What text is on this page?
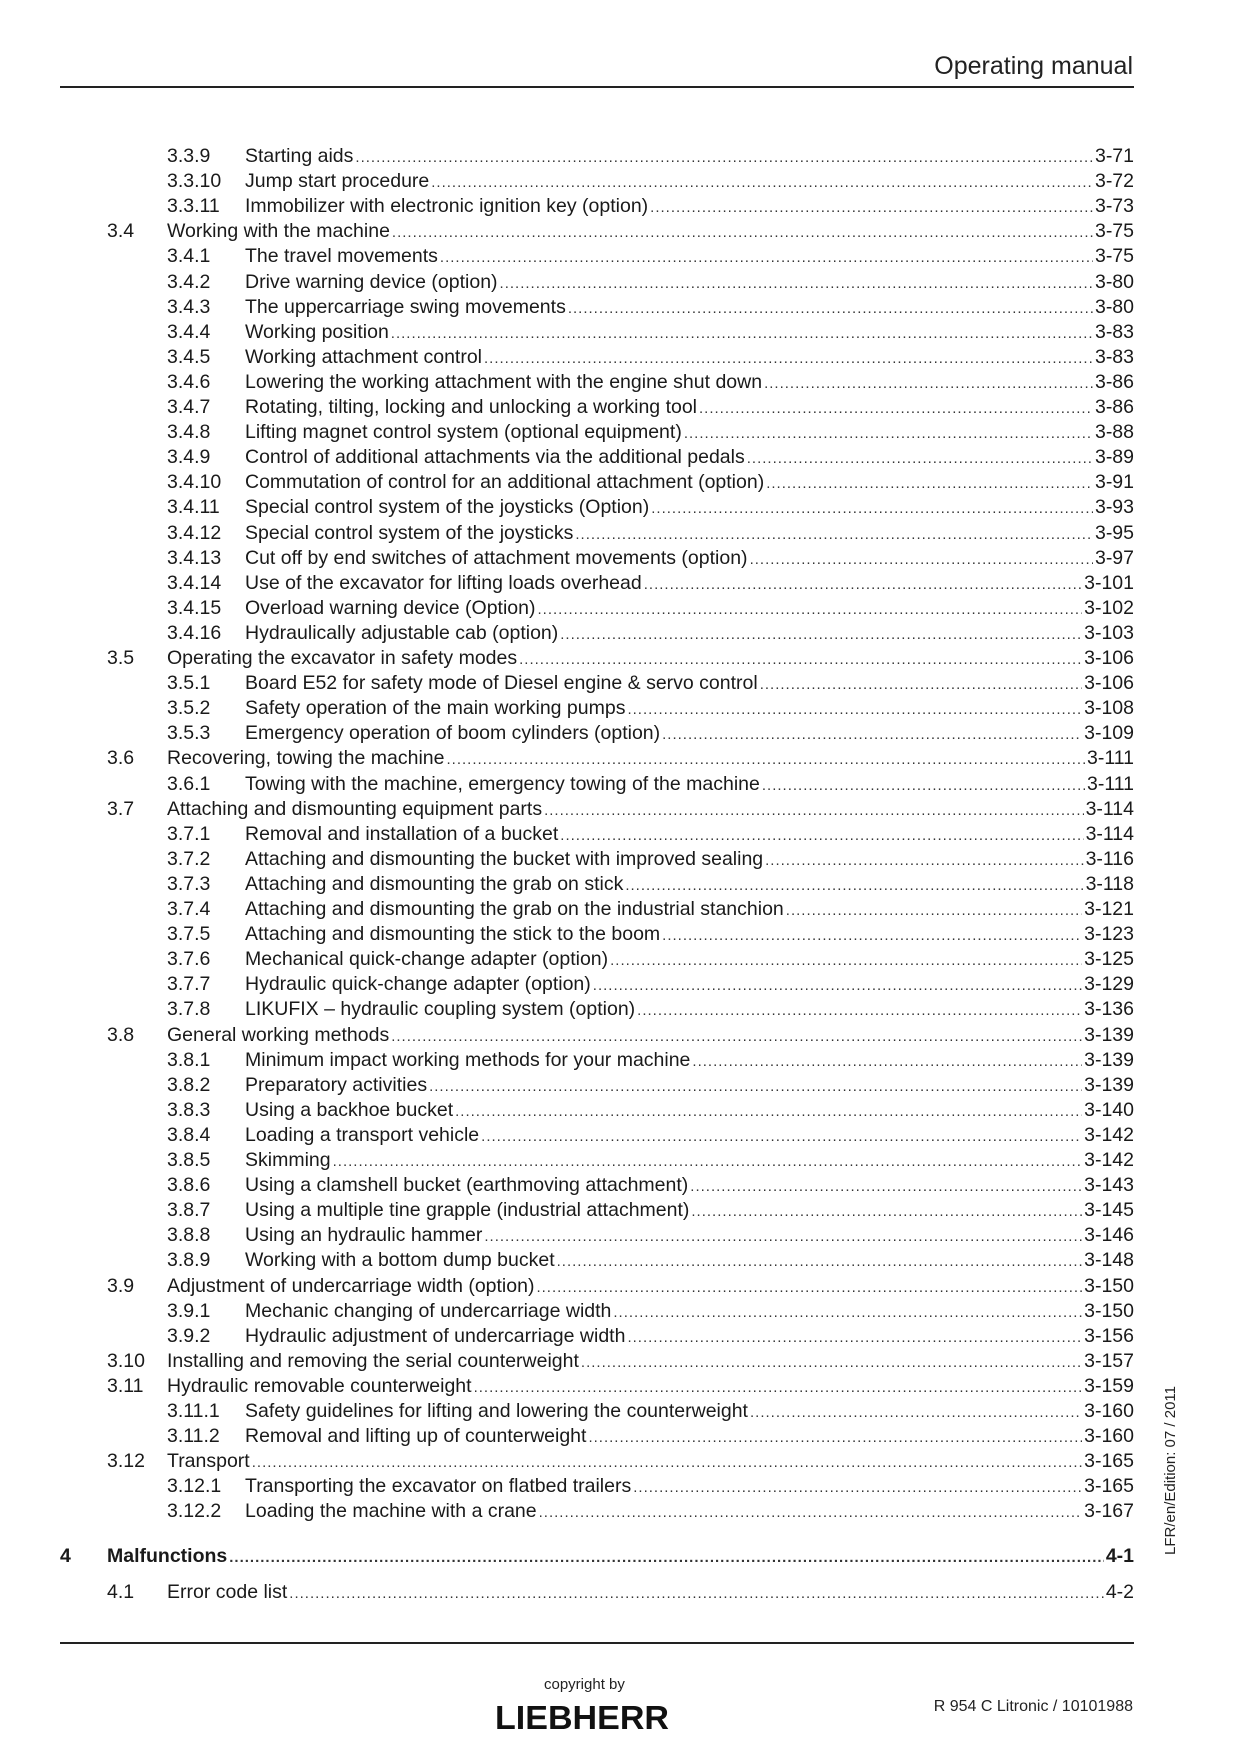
Operating manual
3.3.9 Starting aids .....	3-71
3.3.10 Jump start procedure .....	3-72
3.3.11 Immobilizer with electronic ignition key (option) .....	3-73
3.4 Working with the machine .....	3-75
3.4.1 The travel movements .....	3-75
3.4.2 Drive warning device (option) .....	3-80
3.4.3 The uppercarriage swing movements .....	3-80
3.4.4 Working position .....	3-83
3.4.5 Working attachment control .....	3-83
3.4.6 Lowering the working attachment with the engine shut down .....	3-86
3.4.7 Rotating, tilting, locking and unlocking a working tool .....	3-86
3.4.8 Lifting magnet control system (optional equipment) .....	3-88
3.4.9 Control of additional attachments via the additional pedals .....	3-89
3.4.10 Commutation of control for an additional attachment (option) .....	3-91
3.4.11 Special control system of the joysticks (Option) .....	3-93
3.4.12 Special control system of the joysticks .....	3-95
3.4.13 Cut off by end switches of attachment movements (option) .....	3-97
3.4.14 Use of the excavator for lifting loads overhead .....	3-101
3.4.15 Overload warning device (Option) .....	3-102
3.4.16 Hydraulically adjustable cab (option) .....	3-103
3.5 Operating the excavator in safety modes .....	3-106
3.5.1 Board E52 for safety mode of Diesel engine & servo control .....	3-106
3.5.2 Safety operation of the main working pumps .....	3-108
3.5.3 Emergency operation of boom cylinders (option) .....	3-109
3.6 Recovering, towing the machine .....	3-111
3.6.1 Towing with the machine, emergency towing of the machine .....	3-111
3.7 Attaching and dismounting equipment parts .....	3-114
3.7.1 Removal and installation of a bucket .....	3-114
3.7.2 Attaching and dismounting the bucket with improved sealing .....	3-116
3.7.3 Attaching and dismounting the grab on stick .....	3-118
3.7.4 Attaching and dismounting the grab on the industrial stanchion .....	3-121
3.7.5 Attaching and dismounting the stick to the boom .....	3-123
3.7.6 Mechanical quick-change adapter (option) .....	3-125
3.7.7 Hydraulic quick-change adapter (option) .....	3-129
3.7.8 LIKUFIX – hydraulic coupling system (option) .....	3-136
3.8 General working methods .....	3-139
3.8.1 Minimum impact working methods for your machine .....	3-139
3.8.2 Preparatory activities .....	3-139
3.8.3 Using a backhoe bucket .....	3-140
3.8.4 Loading a transport vehicle .....	3-142
3.8.5 Skimming .....	3-142
3.8.6 Using a clamshell bucket (earthmoving attachment) .....	3-143
3.8.7 Using a multiple tine grapple (industrial attachment) .....	3-145
3.8.8 Using an hydraulic hammer .....	3-146
3.8.9 Working with a bottom dump bucket .....	3-148
3.9 Adjustment of undercarriage width (option) .....	3-150
3.9.1 Mechanic changing of undercarriage width .....	3-150
3.9.2 Hydraulic adjustment of undercarriage width .....	3-156
3.10 Installing and removing the serial counterweight .....	3-157
3.11 Hydraulic removable counterweight .....	3-159
3.11.1 Safety guidelines for lifting and lowering the counterweight .....	3-160
3.11.2 Removal and lifting up of counterweight .....	3-160
3.12 Transport .....	3-165
3.12.1 Transporting the excavator on flatbed trailers .....	3-165
3.12.2 Loading the machine with a crane .....	3-167
4 Malfunctions .....	4-1
4.1 Error code list .....	4-2
LFR/en/Edition: 07 / 2011
copyright by
LIEBHERR	R 954 C Litronic / 10101988
